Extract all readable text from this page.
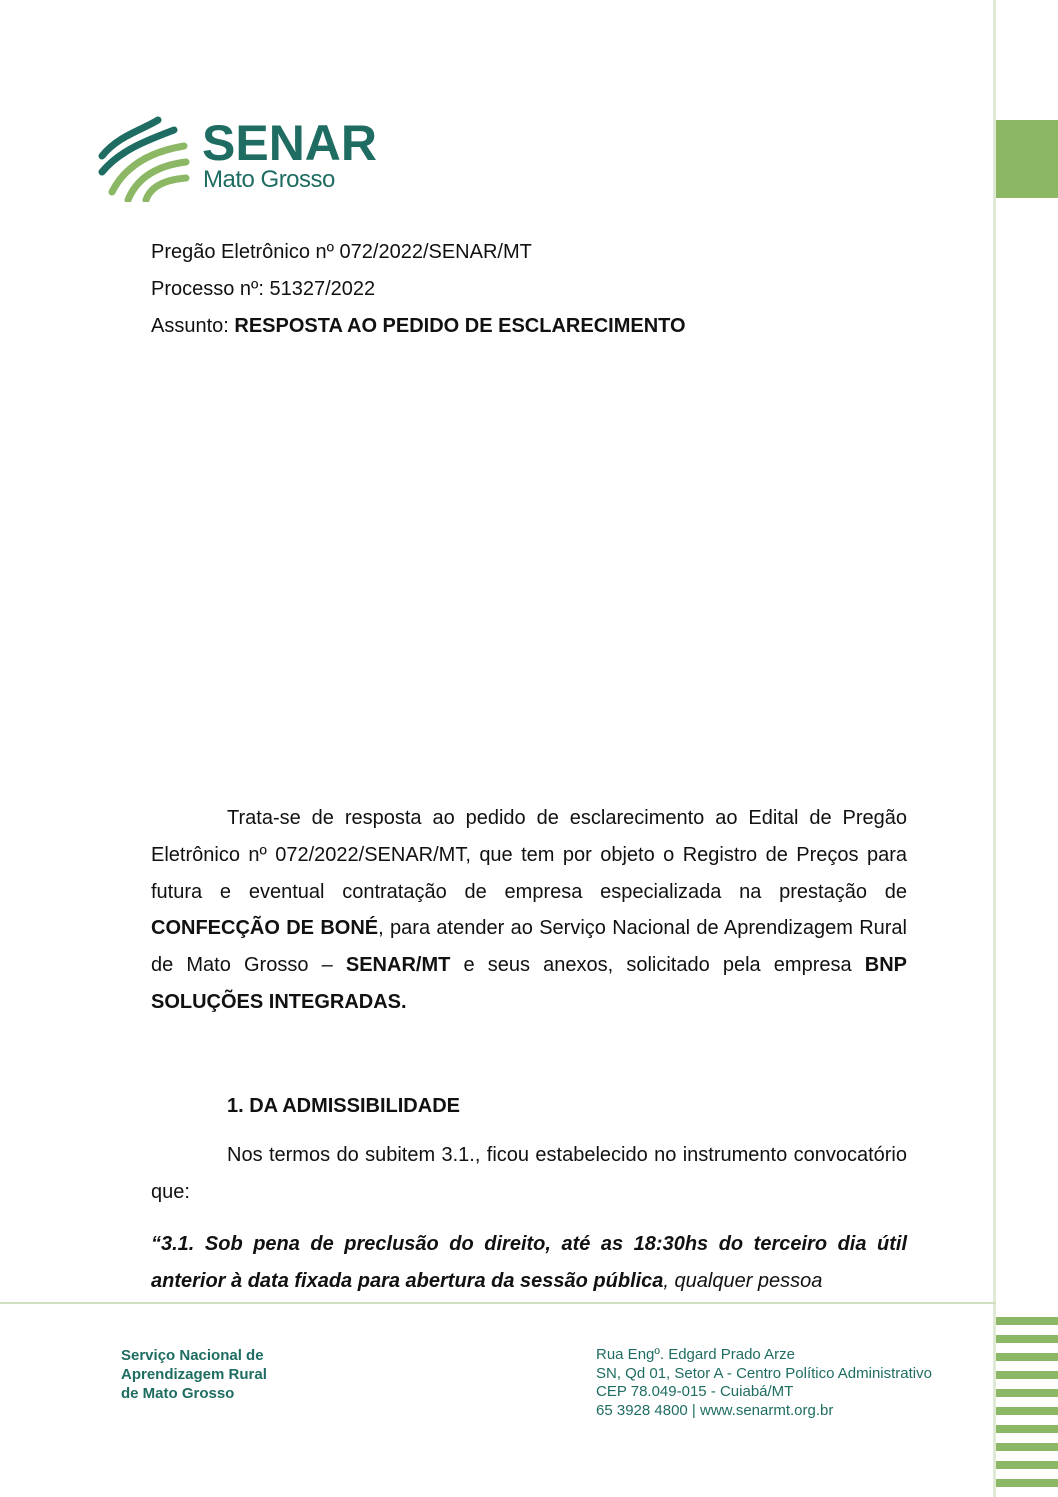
SENAR
Mato Grosso
Pregão Eletrônico nº 072/2022/SENAR/MT
Processo nº: 51327/2022
Assunto: RESPOSTA AO PEDIDO DE ESCLARECIMENTO
Trata-se de resposta ao pedido de esclarecimento ao Edital de Pregão Eletrônico nº 072/2022/SENAR/MT, que tem por objeto o Registro de Preços para futura e eventual contratação de empresa especializada na prestação de CONFECÇÃO DE BONÉ, para atender ao Serviço Nacional de Aprendizagem Rural de Mato Grosso – SENAR/MT e seus anexos, solicitado pela empresa BNP SOLUÇÕES INTEGRADAS.
1. DA ADMISSIBILIDADE
Nos termos do subitem 3.1., ficou estabelecido no instrumento convocatório que:
“3.1. Sob pena de preclusão do direito, até as 18:30hs do terceiro dia útil anterior à data fixada para abertura da sessão pública, qualquer pessoa
Serviço Nacional de
Aprendizagem Rural
de Mato Grosso
Rua Engº. Edgard Prado Arze
SN, Qd 01, Setor A - Centro Político Administrativo
CEP 78.049-015 - Cuiabá/MT
65 3928 4800 | www.senarmt.org.br
